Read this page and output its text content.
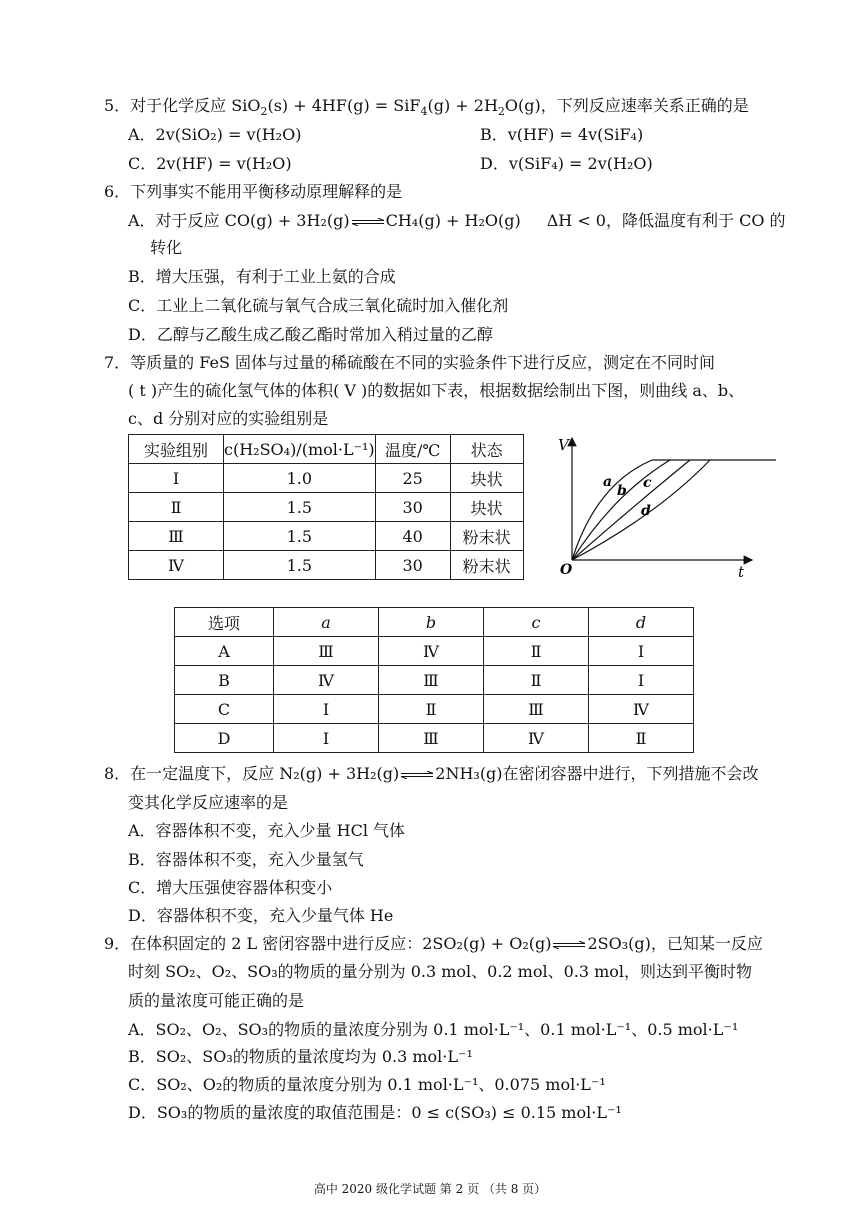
5．对于化学反应 $SiO_2(s) + 4HF(g) = SiF_4(g) + 2H_2O(g)$，下列反应速率关系正确的是
A．2v(SiO₂) = v(H₂O)	B．v(HF) = 4v(SiF₄)
C．2v(HF) = v(H₂O)	D．v(SiF₄) = 2v(H₂O)
6．下列事实不能用平衡移动原理解释的是
A．对于反应 CO(g) + 3H₂(g) CH₄(g) + H₂O(g) ΔH < 0，降低温度有利于 CO 的
转化
B．增大压强，有利于工业上氨的合成
C．工业上二氧化硫与氧气合成三氧化硫时加入催化剂
D．乙醇与乙酸生成乙酸乙酯时常加入稍过量的乙醇
7．等质量的 FeS 固体与过量的稀硫酸在不同的实验条件下进行反应，测定在不同时间
( t )产生的硫化氢气体的体积( V )的数据如下表，根据数据绘制出下图，则曲线 a、b、
c、d 分别对应的实验组别是
实验组别	c(H₂SO₄)/(mol·L⁻¹)	温度/℃	状态
Ⅰ	1.0	25	块状
Ⅱ	1.5	30	块状
Ⅲ	1.5	40	粉末状
Ⅳ	1.5	30	粉末状
V
t
O
a
b c
d
选项	a	b	c	d
A	Ⅲ	Ⅳ	Ⅱ	Ⅰ
B	Ⅳ	Ⅲ	Ⅱ	Ⅰ
C	Ⅰ	Ⅱ	Ⅲ	Ⅳ
D	Ⅰ	Ⅲ	Ⅳ	Ⅱ
8．在一定温度下，反应 N₂(g) + 3H₂(g) 2NH₃(g)在密闭容器中进行，下列措施不会改
变其化学反应速率的是
A．容器体积不变，充入少量 HCl 气体
B．容器体积不变，充入少量氢气
C．增大压强使容器体积变小
D．容器体积不变，充入少量气体 He
9．在体积固定的 2 L 密闭容器中进行反应：2SO₂(g) + O₂(g) 2SO₃(g)，已知某一反应
时刻 SO₂、O₂、SO₃的物质的量分别为 0.3 mol、0.2 mol、0.3 mol，则达到平衡时物
质的量浓度可能正确的是
A．SO₂、O₂、SO₃的物质的量浓度分别为 0.1 mol·L⁻¹、0.1 mol·L⁻¹、0.5 mol·L⁻¹
B．SO₂、SO₃的物质的量浓度均为 0.3 mol·L⁻¹
C．SO₂、O₂的物质的量浓度分别为 0.1 mol·L⁻¹、0.075 mol·L⁻¹
D．SO₃的物质的量浓度的取值范围是：0 ≤ c(SO₃) ≤ 0.15 mol·L⁻¹
高中 2020 级化学试题 第 2 页 （共 8 页）
